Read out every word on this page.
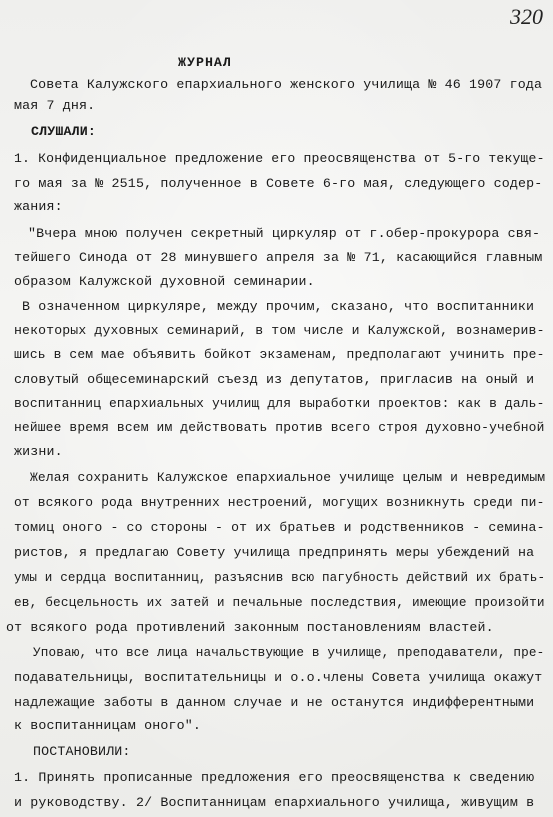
320
ЖУРНАЛ
Совета Калужского епархиального женского училища № 46 1907 года
мая 7 дня.
СЛУШАЛИ:
1. Конфиденциальное предложение его преосвященства от 5-го текуще-
го мая за № 2515, полученное в Совете 6-го мая, следующего содер-
жания:
"Вчера мною получен секретный циркуляр от г.обер-прокурора свя-
тейшего Синода от 28 минувшего апреля за № 71, касающийся главным
образом Калужской духовной семинарии.
В означенном циркуляре, между прочим, сказано, что воспитанники
некоторых духовных семинарий, в том числе и Калужской, вознамерив-
шись в сем мае объявить бойкот экзаменам, предполагают учинить пре-
словутый общесеминарский съезд из депутатов, пригласив на оный и
воспитанниц епархиальных училищ для выработки проектов: как в даль-
нейшее время всем им действовать против всего строя духовно-учебной
жизни.
Желая сохранить Калужское епархиальное училище целым и невредимым
от всякого рода внутренних нестроений, могущих возникнуть среди пи-
томиц оного - со стороны - от их братьев и родственников - семина-
ристов, я предлагаю Совету училища предпринять меры убеждений на
умы и сердца воспитанниц, разъяснив всю пагубность действий их брать-
ев, бесцельность их затей и печальные последствия, имеющие произойти
от всякого рода противлений законным постановлениям властей.
Уповаю, что все лица начальствующие в училище, преподаватели, пре-
подавательницы, воспитательницы и о.о.члены Совета училища окажут
надлежащие заботы в данном случае и не останутся индифферентными
к воспитанницам оного".
ПОСТАНОВИЛИ:
1. Принять прописанные предложения его преосвященства к сведению
и руководству. 2/ Воспитанницам епархиального училища, живущим в
